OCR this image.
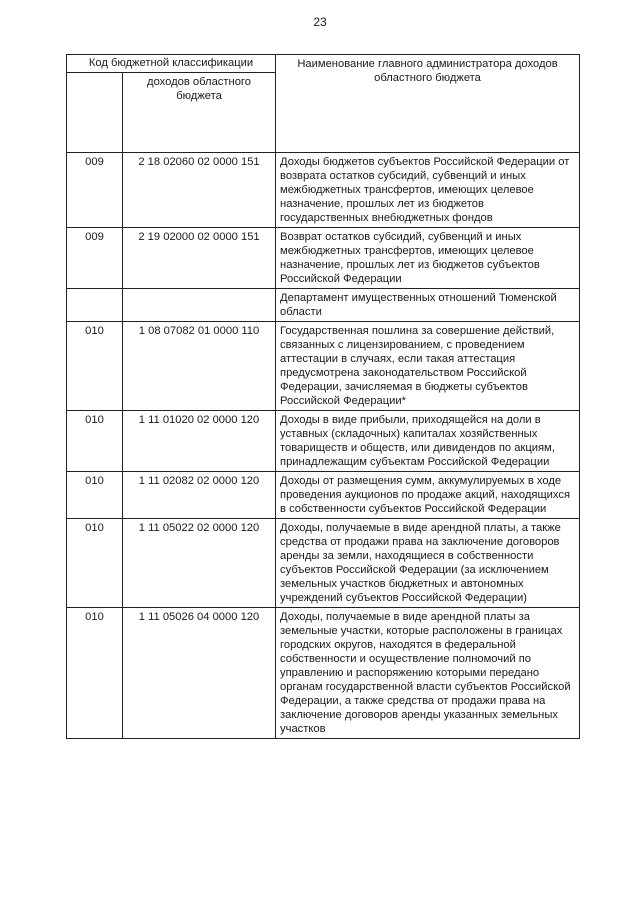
23
Код бюджетной классификации		Наименование главного администратора доходов областного бюджета
	доходов областного бюджета	
009	2 18 02060 02 0000 151	Доходы бюджетов субъектов Российской Федерации от возврата остатков субсидий, субвенций и иных межбюджетных трансфертов, имеющих целевое назначение, прошлых лет из бюджетов государственных внебюджетных фондов
009	2 19 02000 02 0000 151	Возврат остатков субсидий, субвенций и иных межбюджетных трансфертов, имеющих целевое назначение, прошлых лет из бюджетов субъектов Российской Федерации
		Департамент имущественных отношений Тюменской области
010	1 08 07082 01 0000 110	Государственная пошлина за совершение действий, связанных с лицензированием, с проведением аттестации в случаях, если такая аттестация предусмотрена законодательством Российской Федерации, зачисляемая в бюджеты субъектов Российской Федерации*
010	1 11 01020 02 0000 120	Доходы в виде прибыли, приходящейся на доли в уставных (складочных) капиталах хозяйственных товариществ и обществ, или дивидендов по акциям, принадлежащим субъектам Российской Федерации
010	1 11 02082 02 0000 120	Доходы от размещения сумм, аккумулируемых в ходе проведения аукционов по продаже акций, находящихся в собственности субъектов Российской Федерации
010	1 11 05022 02 0000 120	Доходы, получаемые в виде арендной платы, а также средства от продажи права на заключение договоров аренды за земли, находящиеся в собственности субъектов Российской Федерации (за исключением земельных участков бюджетных и автономных учреждений субъектов Российской Федерации)
010	1 11 05026 04 0000 120	Доходы, получаемые в виде арендной платы за земельные участки, которые расположены в границах городских округов, находятся в федеральной собственности и осуществление полномочий по управлению и распоряжению которыми передано органам государственной власти субъектов Российской Федерации, а также средства от продажи права на заключение договоров аренды указанных земельных участков
